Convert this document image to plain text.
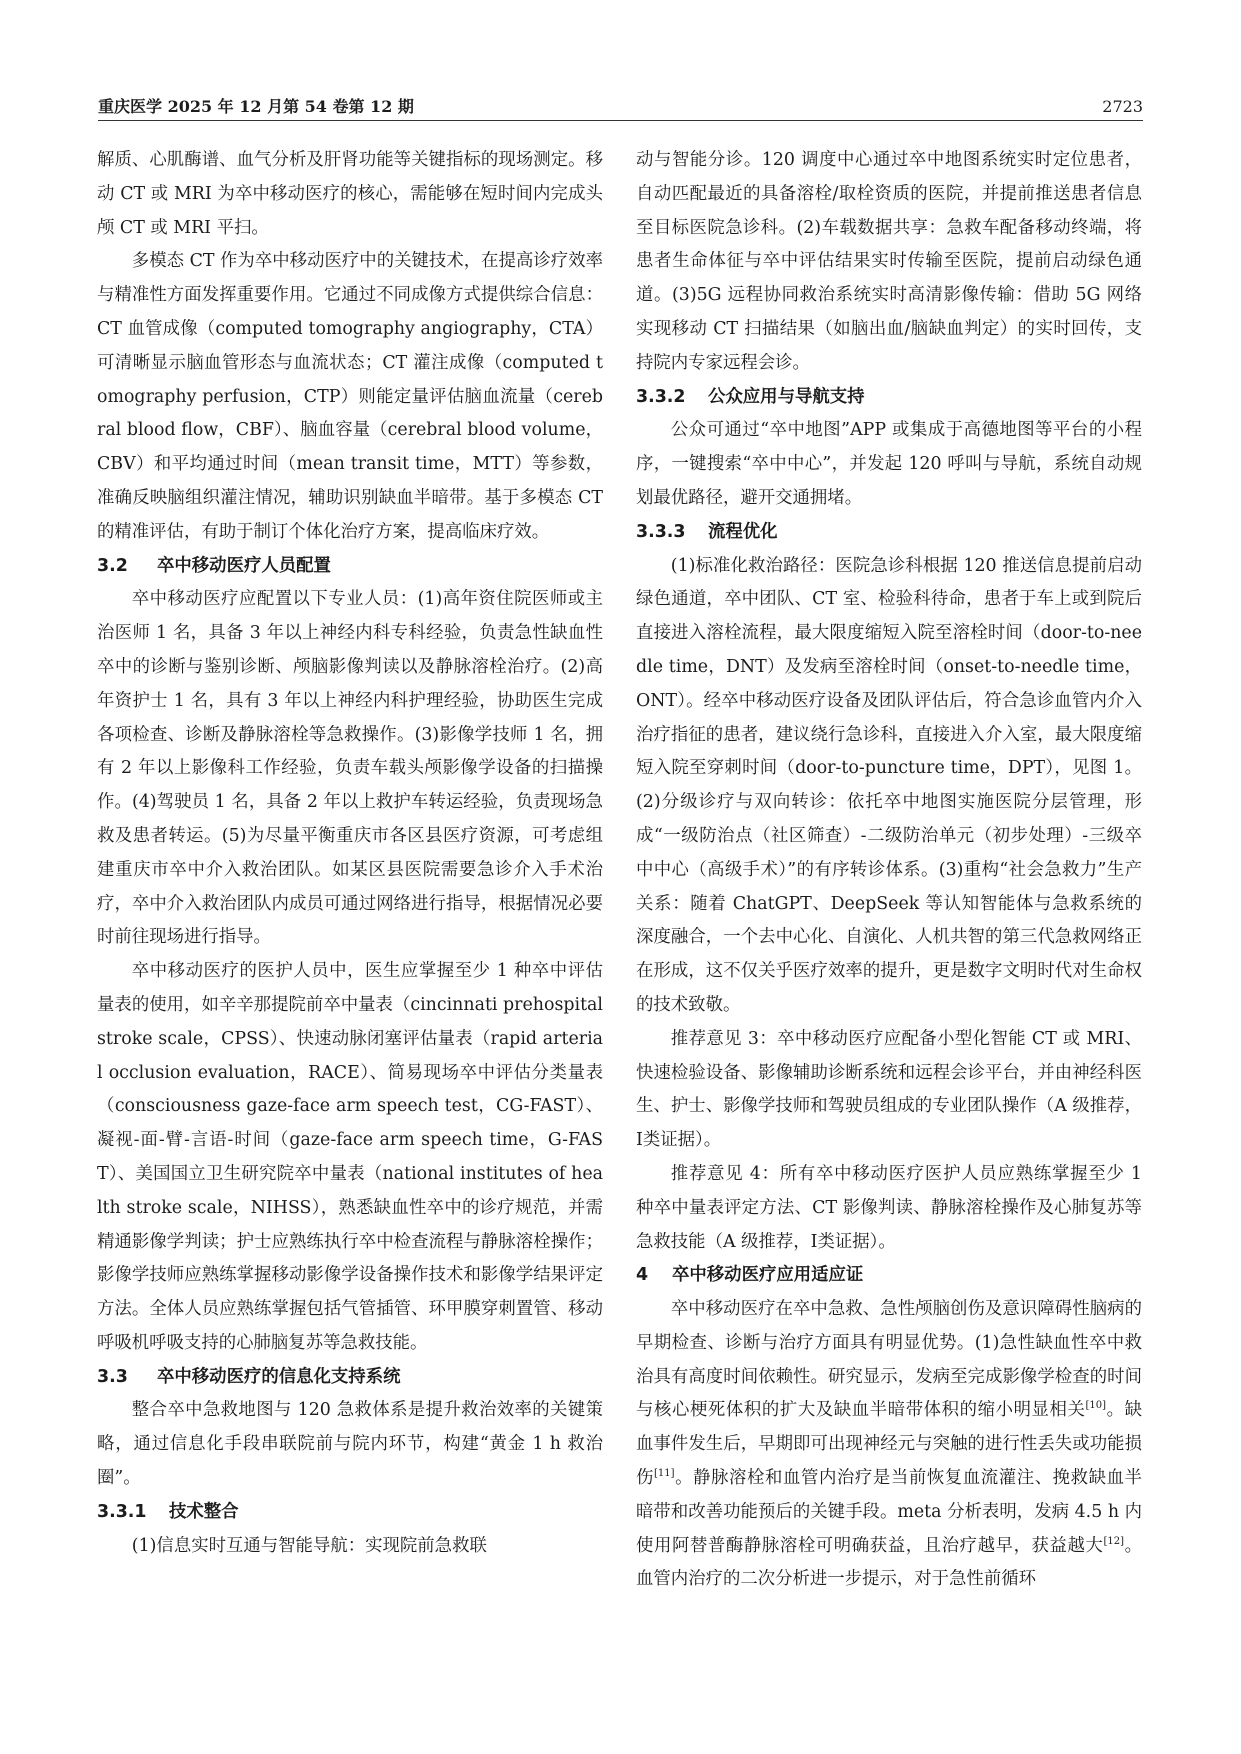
重庆医学 2025 年 12 月第 54 卷第 12 期	2723

解质、心肌酶谱、血气分析及肝肾功能等关键指标的现场测定。移动 CT 或 MRI 为卒中移动医疗的核心，需能够在短时间内完成头颅 CT 或 MRI 平扫。

多模态 CT 作为卒中移动医疗中的关键技术，在提高诊疗效率与精准性方面发挥重要作用。它通过不同成像方式提供综合信息：CT 血管成像（computed tomography angiography，CTA）可清晰显示脑血管形态与血流状态；CT 灌注成像（computed tomography perfusion，CTP）则能定量评估脑血流量（cerebral blood flow，CBF）、脑血容量（cerebral blood volume，CBV）和平均通过时间（mean transit time，MTT）等参数，准确反映脑组织灌注情况，辅助识别缺血半暗带。基于多模态 CT 的精准评估，有助于制订个体化治疗方案，提高临床疗效。

3.2 卒中移动医疗人员配置

卒中移动医疗应配置以下专业人员：(1)高年资住院医师或主治医师 1 名，具备 3 年以上神经内科专科经验，负责急性缺血性卒中的诊断与鉴别诊断、颅脑影像判读以及静脉溶栓治疗。(2)高年资护士 1 名，具有 3 年以上神经内科护理经验，协助医生完成各项检查、诊断及静脉溶栓等急救操作。(3)影像学技师 1 名，拥有 2 年以上影像科工作经验，负责车载头颅影像学设备的扫描操作。(4)驾驶员 1 名，具备 2 年以上救护车转运经验，负责现场急救及患者转运。(5)为尽量平衡重庆市各区县医疗资源，可考虑组建重庆市卒中介入救治团队。如某区县医院需要急诊介入手术治疗，卒中介入救治团队内成员可通过网络进行指导，根据情况必要时前往现场进行指导。

卒中移动医疗的医护人员中，医生应掌握至少 1 种卒中评估量表的使用，如辛辛那提院前卒中量表（cincinnati prehospital stroke scale，CPSS）、快速动脉闭塞评估量表（rapid arterial occlusion evaluation，RACE）、简易现场卒中评估分类量表（consciousness gaze-face arm speech test，CG-FAST）、凝视-面-臂-言语-时间（gaze-face arm speech time，G-FAST）、美国国立卫生研究院卒中量表（national institutes of health stroke scale，NIHSS），熟悉缺血性卒中的诊疗规范，并需精通影像学判读；护士应熟练执行卒中检查流程与静脉溶栓操作；影像学技师应熟练掌握移动影像学设备操作技术和影像学结果评定方法。全体人员应熟练掌握包括气管插管、环甲膜穿刺置管、移动呼吸机呼吸支持的心肺脑复苏等急救技能。

3.3 卒中移动医疗的信息化支持系统

整合卒中急救地图与 120 急救体系是提升救治效率的关键策略，通过信息化手段串联院前与院内环节，构建“黄金 1 h 救治圈”。

3.3.1 技术整合

(1)信息实时互通与智能导航：实现院前急救联

动与智能分诊。120 调度中心通过卒中地图系统实时定位患者，自动匹配最近的具备溶栓/取栓资质的医院，并提前推送患者信息至目标医院急诊科。(2)车载数据共享：急救车配备移动终端，将患者生命体征与卒中评估结果实时传输至医院，提前启动绿色通道。(3)5G 远程协同救治系统实时高清影像传输：借助 5G 网络实现移动 CT 扫描结果（如脑出血/脑缺血判定）的实时回传，支持院内专家远程会诊。

3.3.2 公众应用与导航支持

公众可通过“卒中地图”APP 或集成于高德地图等平台的小程序，一键搜索“卒中中心”，并发起 120 呼叫与导航，系统自动规划最优路径，避开交通拥堵。

3.3.3 流程优化

(1)标准化救治路径：医院急诊科根据 120 推送信息提前启动绿色通道，卒中团队、CT 室、检验科待命，患者于车上或到院后直接进入溶栓流程，最大限度缩短入院至溶栓时间（door-to-needle time，DNT）及发病至溶栓时间（onset-to-needle time，ONT）。经卒中移动医疗设备及团队评估后，符合急诊血管内介入治疗指征的患者，建议绕行急诊科，直接进入介入室，最大限度缩短入院至穿刺时间（door-to-puncture time，DPT），见图 1。(2)分级诊疗与双向转诊：依托卒中地图实施医院分层管理，形成“一级防治点（社区筛查）-二级防治单元（初步处理）-三级卒中中心（高级手术）”的有序转诊体系。(3)重构“社会急救力”生产关系：随着 ChatGPT、DeepSeek 等认知智能体与急救系统的深度融合，一个去中心化、自演化、人机共智的第三代急救网络正在形成，这不仅关乎医疗效率的提升，更是数字文明时代对生命权的技术致敬。

推荐意见 3：卒中移动医疗应配备小型化智能 CT 或 MRI、快速检验设备、影像辅助诊断系统和远程会诊平台，并由神经科医生、护士、影像学技师和驾驶员组成的专业团队操作（A 级推荐，Ⅰ类证据）。

推荐意见 4：所有卒中移动医疗医护人员应熟练掌握至少 1 种卒中量表评定方法、CT 影像判读、静脉溶栓操作及心肺复苏等急救技能（A 级推荐，Ⅰ类证据）。

4 卒中移动医疗应用适应证

卒中移动医疗在卒中急救、急性颅脑创伤及意识障碍性脑病的早期检查、诊断与治疗方面具有明显优势。(1)急性缺血性卒中救治具有高度时间依赖性。研究显示，发病至完成影像学检查的时间与核心梗死体积的扩大及缺血半暗带体积的缩小明显相关[10]。缺血事件发生后，早期即可出现神经元与突触的进行性丢失或功能损伤[11]。静脉溶栓和血管内治疗是当前恢复血流灌注、挽救缺血半暗带和改善功能预后的关键手段。meta 分析表明，发病 4.5 h 内使用阿替普酶静脉溶栓可明确获益，且治疗越早，获益越大[12]。血管内治疗的二次分析进一步提示，对于急性前循环
